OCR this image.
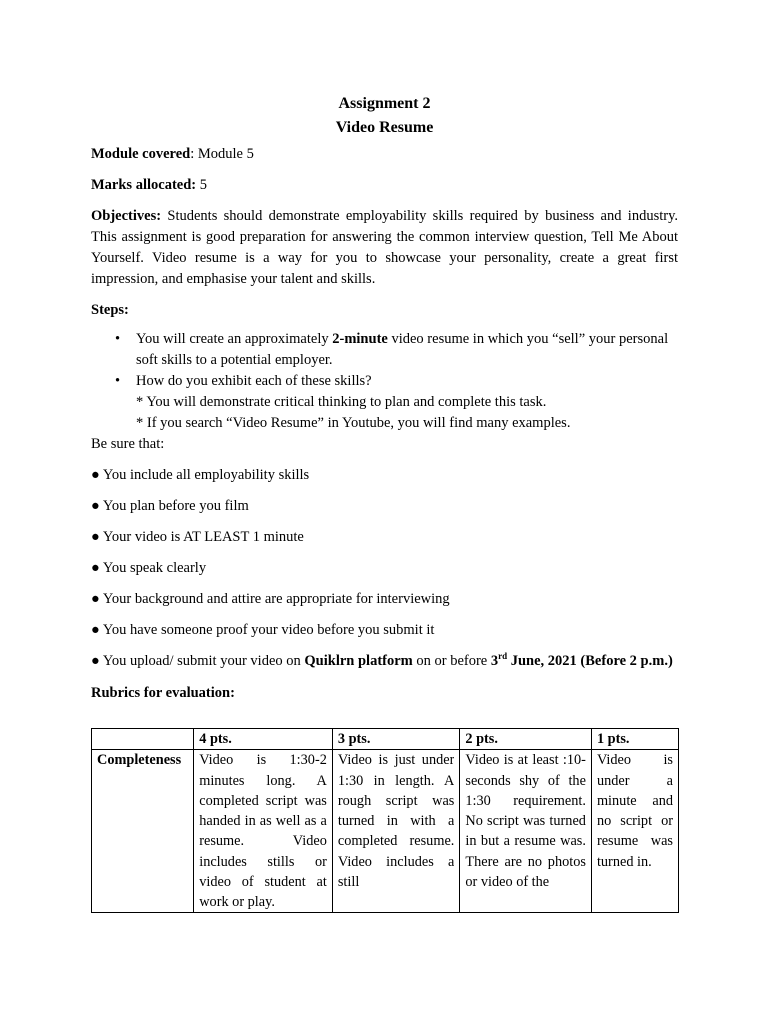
Assignment 2
Video Resume

Module covered: Module 5

Marks allocated: 5

Objectives: Students should demonstrate employability skills required by business and industry. This assignment is good preparation for answering the common interview question, Tell Me About Yourself. Video resume is a way for you to showcase your personality, create a great first impression, and emphasise your talent and skills.

Steps:

• You will create an approximately 2-minute video resume in which you “sell” your personal soft skills to a potential employer.
• How do you exhibit each of these skills?
* You will demonstrate critical thinking to plan and complete this task.
* If you search “Video Resume” in Youtube, you will find many examples.

Be sure that:

● You include all employability skills

● You plan before you film

● Your video is AT LEAST 1 minute

● You speak clearly

● Your background and attire are appropriate for interviewing

● You have someone proof your video before you submit it

● You upload/ submit your video on Quiklrn platform on or before 3rd June, 2021 (Before 2 p.m.)

Rubrics for evaluation:

	4 pts.	3 pts.	2 pts.	1 pts.

Completeness	Video is 1:30-2 minutes long. A completed script was handed in as well as a resume. Video includes stills or video of student at work or play.	Video is just under 1:30 in length. A rough script was turned in with a completed resume. Video includes a still	Video is at least :10-seconds shy of the 1:30 requirement. No script was turned in but a resume was. There are no photos or video of the	Video is under a minute and no script or resume was turned in.
